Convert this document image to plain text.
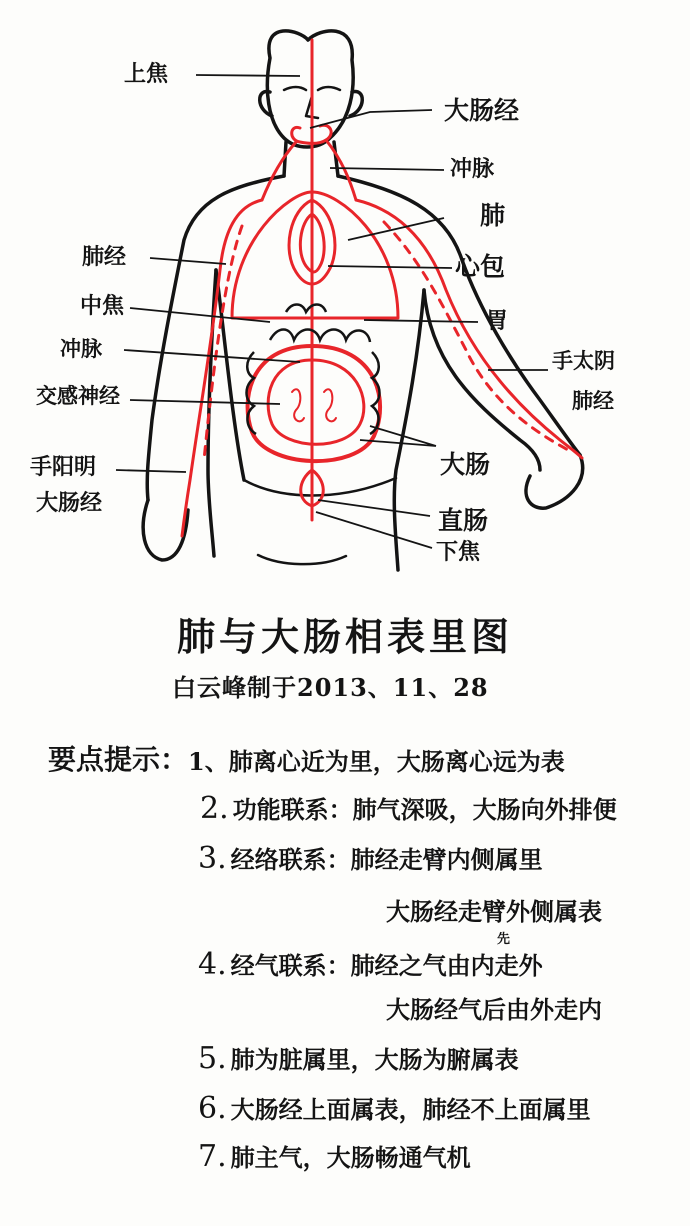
上焦
大肠经
冲脉
肺
肺经	心包
中焦
胃
冲脉	手太阴
交感神经	肺经
手阳明	大肠
大肠经
直肠
下焦
肺与大肠相表里图
白云峰制于2013、11、28
要点提示： 1、肺离心近为里，大肠离心远为表
2. 功能联系：肺气深吸，大肠向外排便
3. 经络联系：肺经走臂内侧属里
大肠经走臂外侧属表
4. 经气联系：肺经之气由内走外
先
大肠经气后由外走内
5. 肺为脏属里，大肠为腑属表
6. 大肠经上面属表，肺经不上面属里
7. 肺主气，大肠畅通气机
